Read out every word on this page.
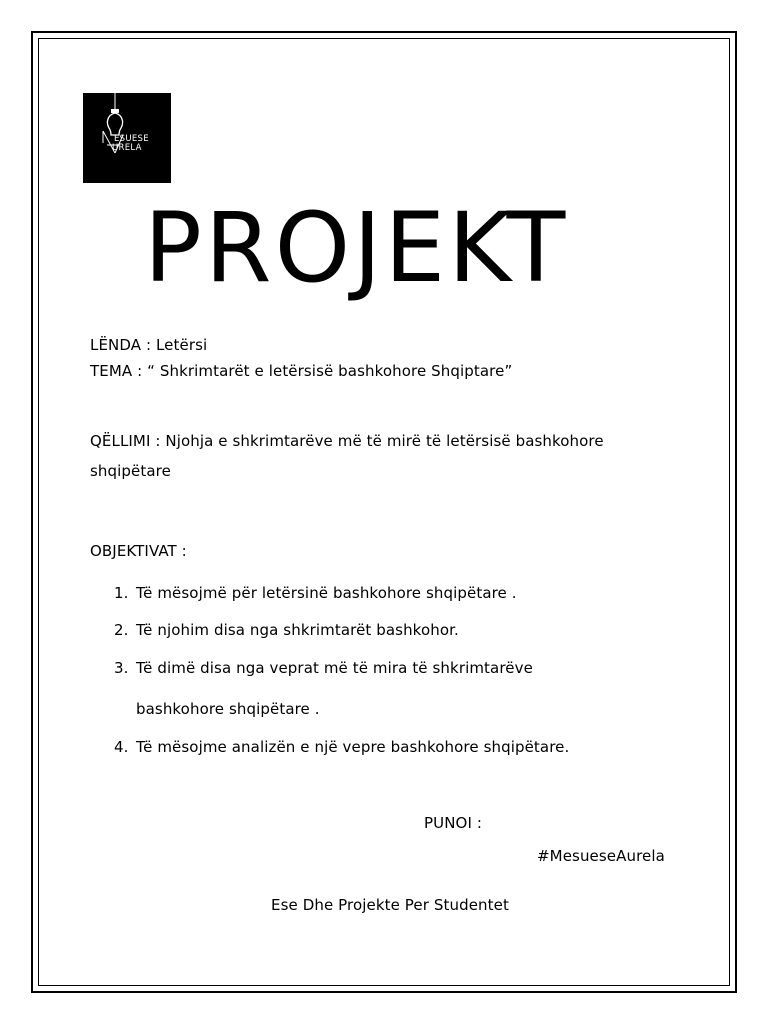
ESUESE
URELA
PROJEKT
LËNDA : Letërsi
TEMA : “ Shkrimtarët e letërsisë bashkohore Shqiptare”
QËLLIMI : Njohja e shkrimtarëve më të mirë të letërsisë bashkohore
shqipëtare
OBJEKTIVAT :
1. Të mësojmë për letërsinë bashkohore shqipëtare .
2. Të njohim disa nga shkrimtarët bashkohor.
3. Të dimë disa nga veprat më të mira të shkrimtarëve
bashkohore shqipëtare .
4. Të mësojme analizën e një vepre bashkohore shqipëtare.
PUNOI :
#MesueseAurela
Ese Dhe Projekte Per Studentet
